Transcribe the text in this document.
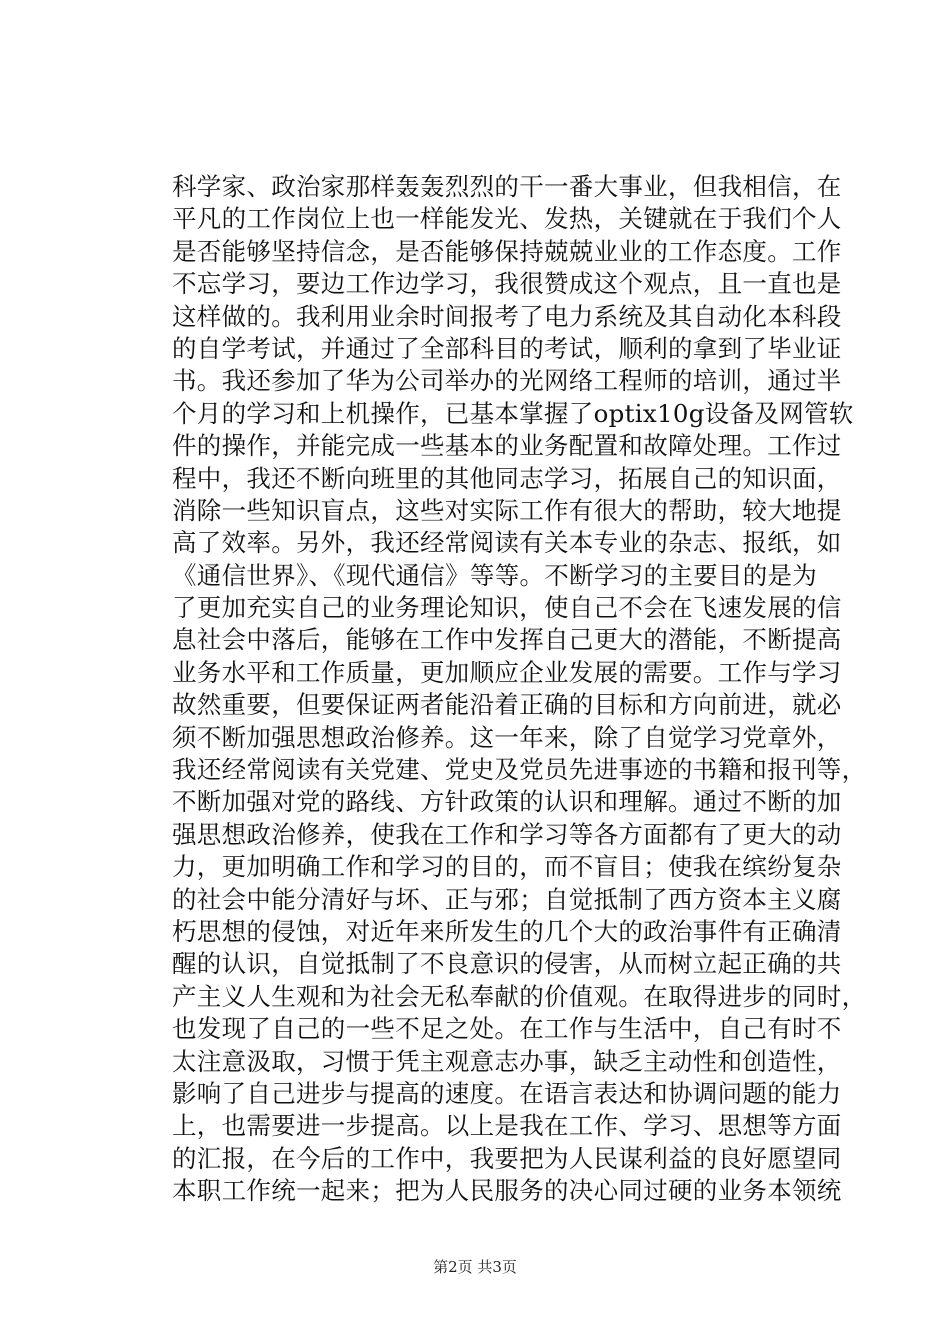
科学家、政治家那样轰轰烈烈的干一番大事业，但我相信，在
平凡的工作岗位上也一样能发光、发热，关键就在于我们个人
是否能够坚持信念，是否能够保持兢兢业业的工作态度。工作
不忘学习，要边工作边学习，我很赞成这个观点，且一直也是
这样做的。我利用业余时间报考了电力系统及其自动化本科段
的自学考试，并通过了全部科目的考试，顺利的拿到了毕业证
书。我还参加了华为公司举办的光网络工程师的培训，通过半
个月的学习和上机操作，已基本掌握了optix10g设备及网管软
件的操作，并能完成一些基本的业务配置和故障处理。工作过
程中，我还不断向班里的其他同志学习，拓展自己的知识面，
消除一些知识盲点，这些对实际工作有很大的帮助，较大地提
高了效率。另外，我还经常阅读有关本专业的杂志、报纸，如
《通信世界》、《现代通信》等等。不断学习的主要目的是为
了更加充实自己的业务理论知识，使自己不会在飞速发展的信
息社会中落后，能够在工作中发挥自己更大的潜能，不断提高
业务水平和工作质量，更加顺应企业发展的需要。工作与学习
故然重要，但要保证两者能沿着正确的目标和方向前进，就必
须不断加强思想政治修养。这一年来，除了自觉学习党章外，
我还经常阅读有关党建、党史及党员先进事迹的书籍和报刊等，
不断加强对党的路线、方针政策的认识和理解。通过不断的加
强思想政治修养，使我在工作和学习等各方面都有了更大的动
力，更加明确工作和学习的目的，而不盲目；使我在缤纷复杂
的社会中能分清好与坏、正与邪；自觉抵制了西方资本主义腐
朽思想的侵蚀，对近年来所发生的几个大的政治事件有正确清
醒的认识，自觉抵制了不良意识的侵害，从而树立起正确的共
产主义人生观和为社会无私奉献的价值观。在取得进步的同时，
也发现了自己的一些不足之处。在工作与生活中，自己有时不
太注意汲取，习惯于凭主观意志办事，缺乏主动性和创造性，
影响了自己进步与提高的速度。在语言表达和协调问题的能力
上，也需要进一步提高。以上是我在工作、学习、思想等方面
的汇报，在今后的工作中，我要把为人民谋利益的良好愿望同
本职工作统一起来；把为人民服务的决心同过硬的业务本领统
第2页 共3页
